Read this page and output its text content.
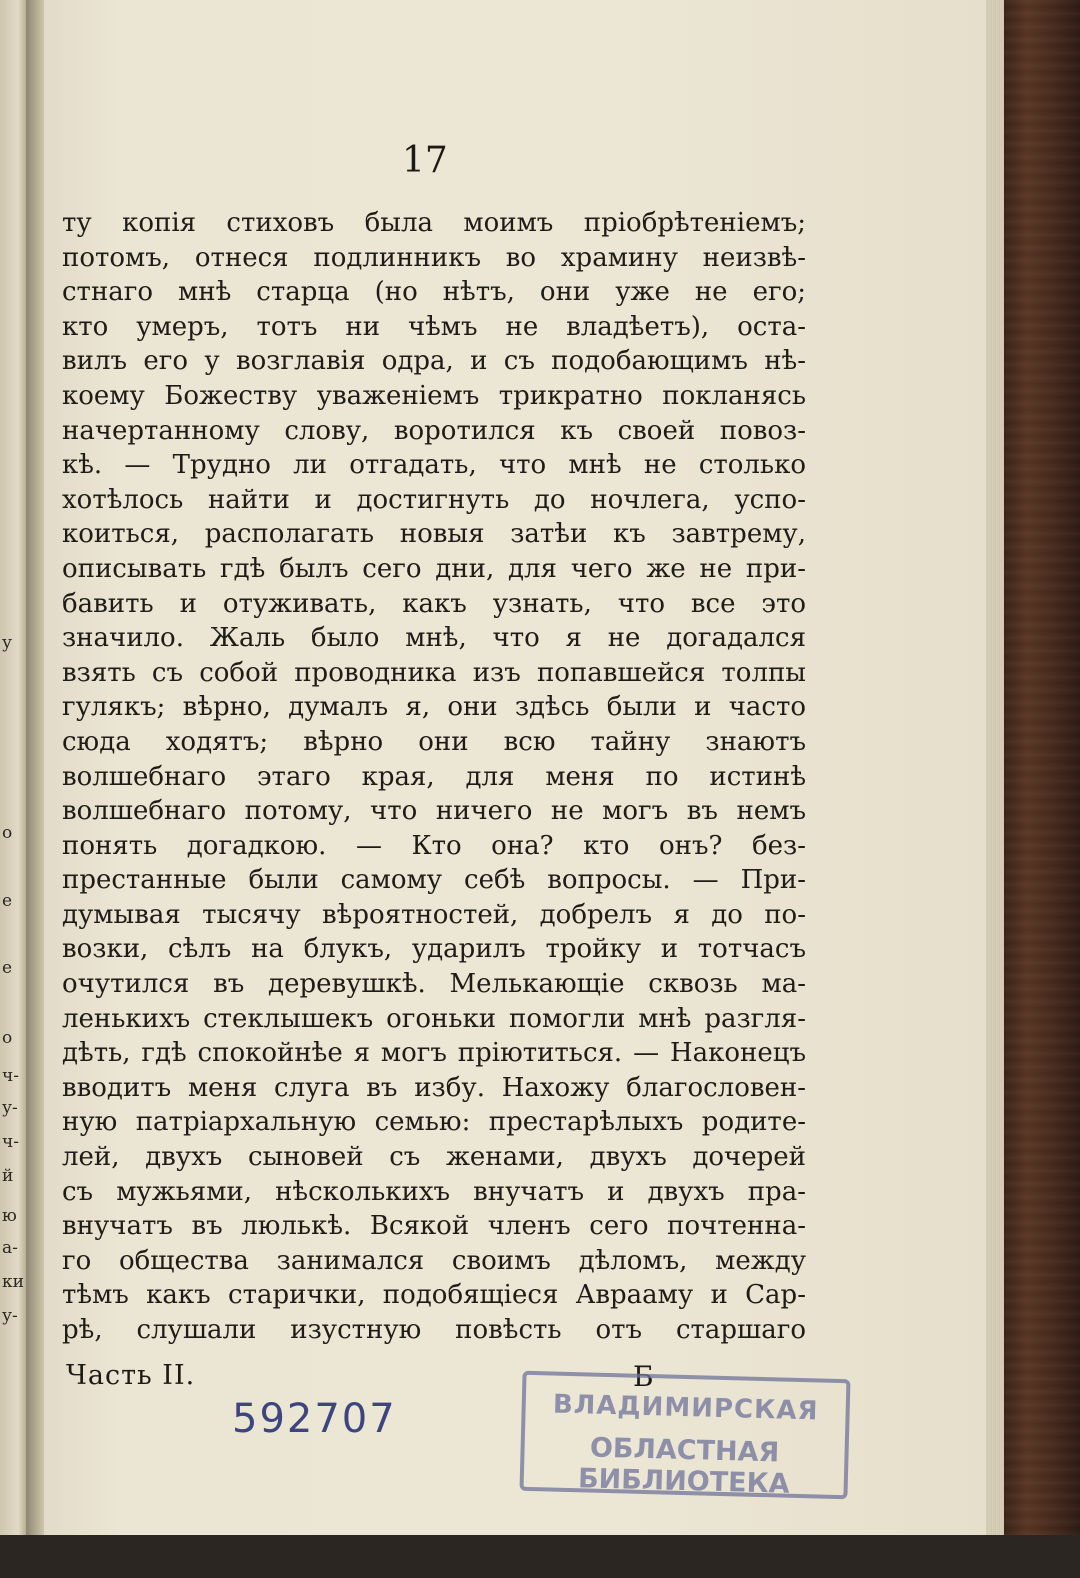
у
е
о
е
о
ч-
у-
ч-
й
ю
а-
ки
у-
17
ту копія стиховъ была моимъ пріобрѣтеніемъ;
потомъ, отнеся подлинникъ во храмину неизвѣ-
стнаго мнѣ старца (но нѣтъ, они уже не его;
кто умеръ, тотъ ни чѣмъ не владѣетъ), оста-
вилъ его у возглавія одра, и съ подобающимъ нѣ-
коему Божеству уваженіемъ трикратно покланясь
начертанному слову, воротился къ своей повоз-
кѣ. — Трудно ли отгадать, что мнѣ не столько
хотѣлось найти и достигнуть до ночлега, успо-
коиться, располагать новыя затѣи къ завтрему,
описывать гдѣ былъ сего дни, для чего же не при-
бавить и отуживать, какъ узнать, что все это
значило. Жаль было мнѣ, что я не догадался
взять съ собой проводника изъ попавшейся толпы
гулякъ; вѣрно, думалъ я, они здѣсь были и часто
сюда ходятъ; вѣрно они всю тайну знаютъ
волшебнаго этаго края, для меня по истинѣ
волшебнаго потому, что ничего не могъ въ немъ
понять догадкою. — Кто она? кто онъ? без-
престанные были самому себѣ вопросы. — При-
думывая тысячу вѣроятностей, добрелъ я до по-
возки, сѣлъ на блукъ, ударилъ тройку и тотчасъ
очутился въ деревушкѣ. Мелькающіе сквозь ма-
ленькихъ стеклышекъ огоньки помогли мнѣ разгля-
дѣть, гдѣ спокойнѣе я могъ пріютиться. — Наконецъ
вводитъ меня слуга въ избу. Нахожу благословен-
ную патріархальную семью: престарѣлыхъ родите-
лей, двухъ сыновей съ женами, двухъ дочерей
съ мужьями, нѣсколькихъ внучатъ и двухъ пра-
внучатъ въ люлькѣ. Всякой членъ сего почтенна-
го общества занимался своимъ дѣломъ, между
тѣмъ какъ старички, подобящіеся Аврааму и Сар-
рѣ, слушали изустную повѣсть отъ старшаго
Часть II.	Б
592707	ВЛАДИМИРСКАЯ
ОБЛАСТНАЯ БИБЛИОТЕКА
